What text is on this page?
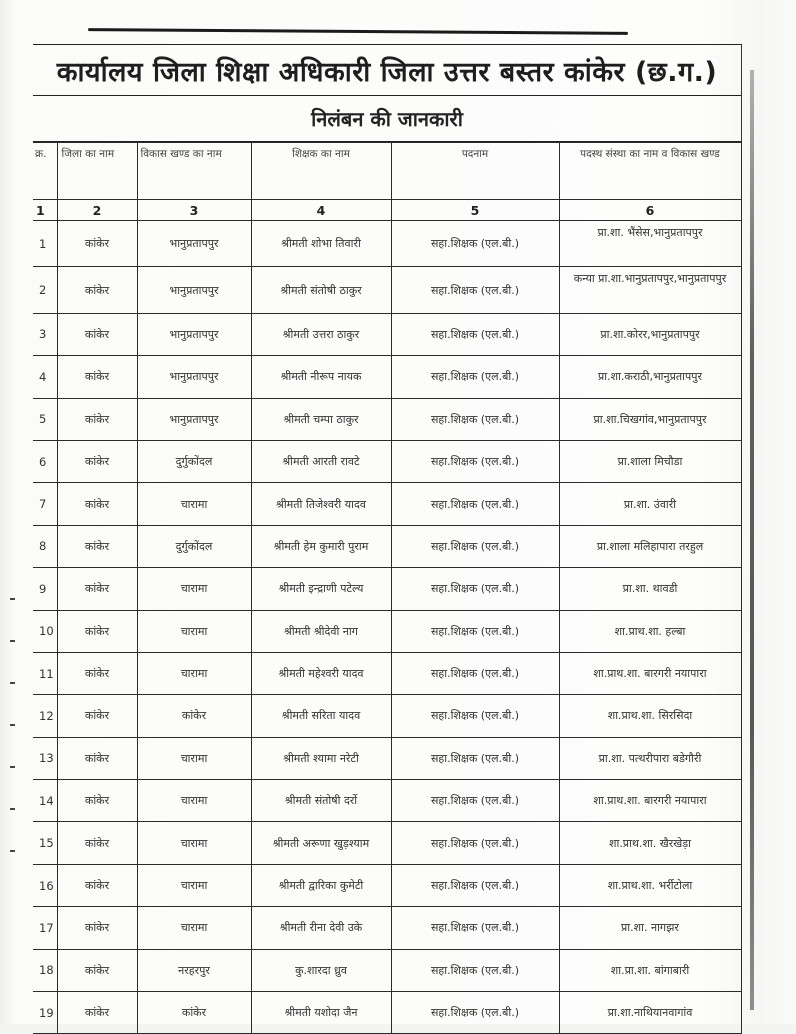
कार्यालय जिला शिक्षा अधिकारी जिला उत्तर बस्तर कांकेर (छ.ग.)
निलंबन की जानकारी
क्र.	जिला का नाम	विकास खण्ड का नाम	शिक्षक का नाम	पदनाम	पदस्थ संस्था का नाम व विकास खण्ड
1	2	3	4	5	6
1	कांकेर	भानुप्रतापपुर	श्रीमती शोभा तिवारी	सहा.शिक्षक (एल.बी.)	प्रा.शा. भैंसेस,भानुप्रतापपुर
2	कांकेर	भानुप्रतापपुर	श्रीमती संतोषी ठाकुर	सहा.शिक्षक (एल.बी.)	कन्या प्रा.शा.भानुप्रतापपुर,भानुप्रतापपुर
3	कांकेर	भानुप्रतापपुर	श्रीमती उत्तरा ठाकुर	सहा.शिक्षक (एल.बी.)	प्रा.शा.कोरर,भानुप्रतापपुर
4	कांकेर	भानुप्रतापपुर	श्रीमती नीरूप नायक	सहा.शिक्षक (एल.बी.)	प्रा.शा.कराठी,भानुप्रतापपुर
5	कांकेर	भानुप्रतापपुर	श्रीमती चम्पा ठाकुर	सहा.शिक्षक (एल.बी.)	प्रा.शा.चिखगांव,भानुप्रतापपुर
6	कांकेर	दुर्गुकोंदल	श्रीमती आरती रावटे	सहा.शिक्षक (एल.बी.)	प्रा.शाला मिचौडा
7	कांकेर	चारामा	श्रीमती तिजेश्वरी यादव	सहा.शिक्षक (एल.बी.)	प्रा.शा. उंवारी
8	कांकेर	दुर्गुकोंदल	श्रीमती हेम कुमारी पुराम	सहा.शिक्षक (एल.बी.)	प्रा.शाला मलिहापारा तरहुल
9	कांकेर	चारामा	श्रीमती इन्द्राणी पटेल्य	सहा.शिक्षक (एल.बी.)	प्रा.शा. थावडी
10	कांकेर	चारामा	श्रीमती श्रीदेवी नाग	सहा.शिक्षक (एल.बी.)	शा.प्राथ.शा. हल्बा
11	कांकेर	चारामा	श्रीमती महेश्वरी यादव	सहा.शिक्षक (एल.बी.)	शा.प्राथ.शा. बारगरी नयापारा
12	कांकेर	कांकेर	श्रीमती सरिता यादव	सहा.शिक्षक (एल.बी.)	शा.प्राथ.शा. सिरसिदा
13	कांकेर	चारामा	श्रीमती श्यामा नरेटी	सहा.शिक्षक (एल.बी.)	प्रा.शा. पत्थरीपारा बडेगौरी
14	कांकेर	चारामा	श्रीमती संतोषी दर्रो	सहा.शिक्षक (एल.बी.)	शा.प्राथ.शा. बारगरी नयापारा
15	कांकेर	चारामा	श्रीमती अरूणा खुड़श्याम	सहा.शिक्षक (एल.बी.)	शा.प्राथ.शा. खैरखेड़ा
16	कांकेर	चारामा	श्रीमती द्वारिका कुमेटी	सहा.शिक्षक (एल.बी.)	शा.प्राथ.शा. भर्रीटोला
17	कांकेर	चारामा	श्रीमती रीना देवी उके	सहा.शिक्षक (एल.बी.)	प्रा.शा. नागझर
18	कांकेर	नरहरपुर	कु.शारदा ध्रुव	सहा.शिक्षक (एल.बी.)	शा.प्रा.शा. बांगाबारी
19	कांकेर	कांकेर	श्रीमती यशोदा जैन	सहा.शिक्षक (एल.बी.)	प्रा.शा.नाथियानवागांव
